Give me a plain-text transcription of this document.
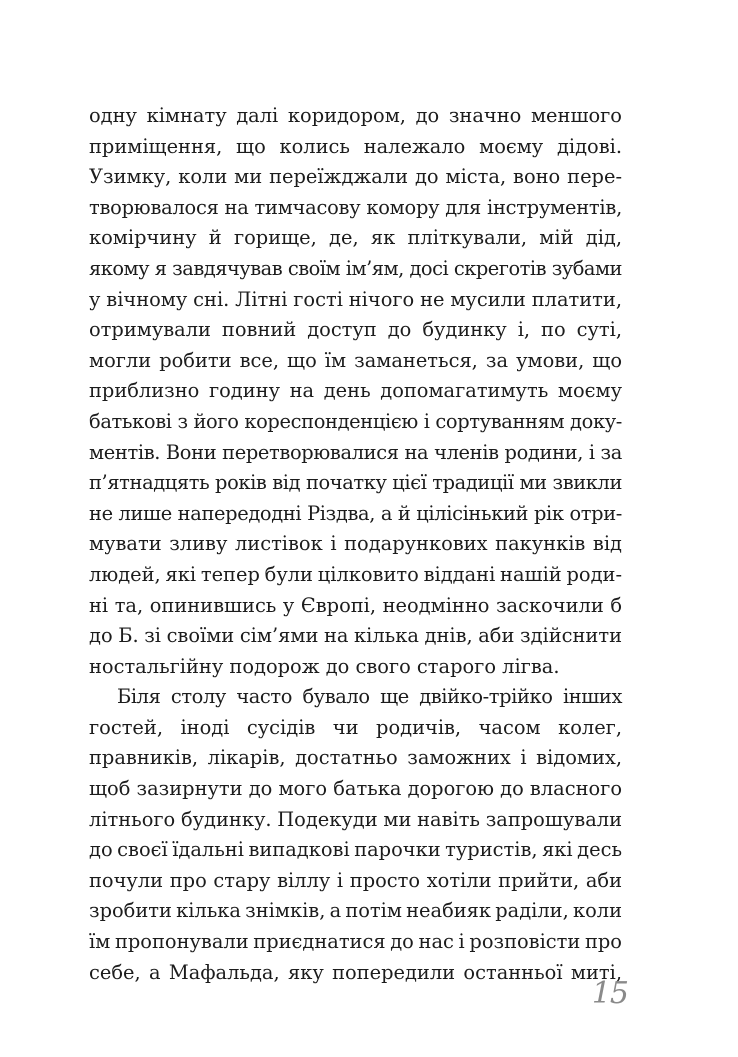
одну кімнату далі коридором, до значно меншого
приміщення, що колись належало моєму дідові.
Узимку, коли ми переїжджали до міста, воно пере-
творювалося на тимчасову комору для інструментів,
комірчину й горище, де, як пліткували, мій дід,
якому я завдячував своїм ім’ям, досі скреготів зубами
у вічному сні. Літні гості нічого не мусили платити,
отримували повний доступ до будинку і, по суті,
могли робити все, що їм заманеться, за умови, що
приблизно годину на день допомагатимуть моєму
батькові з його кореспонденцією і сортуванням доку-
ментів. Вони перетворювалися на членів родини, і за
п’ятнадцять років від початку цієї традиції ми звикли
не лише напередодні Різдва, а й цілісінький рік отри-
мувати зливу листівок і подарункових пакунків від
людей, які тепер були цілковито віддані нашій роди-
ні та, опинившись у Європі, неодмінно заскочили б
до Б. зі своїми сім’ями на кілька днів, аби здійснити
ностальгійну подорож до свого старого лігва.

Біля столу часто бувало ще двійко-трійко інших
гостей, іноді сусідів чи родичів, часом колег,
правників, лікарів, достатньо заможних і відомих,
щоб зазирнути до мого батька дорогою до власного
літнього будинку. Подекуди ми навіть запрошували
до своєї їдальні випадкові парочки туристів, які десь
почули про стару віллу і просто хотіли прийти, аби
зробити кілька знімків, а потім неабияк раділи, коли
їм пропонували приєднатися до нас і розповісти про
себе, а Мафальда, яку попередили останньої миті,

15
